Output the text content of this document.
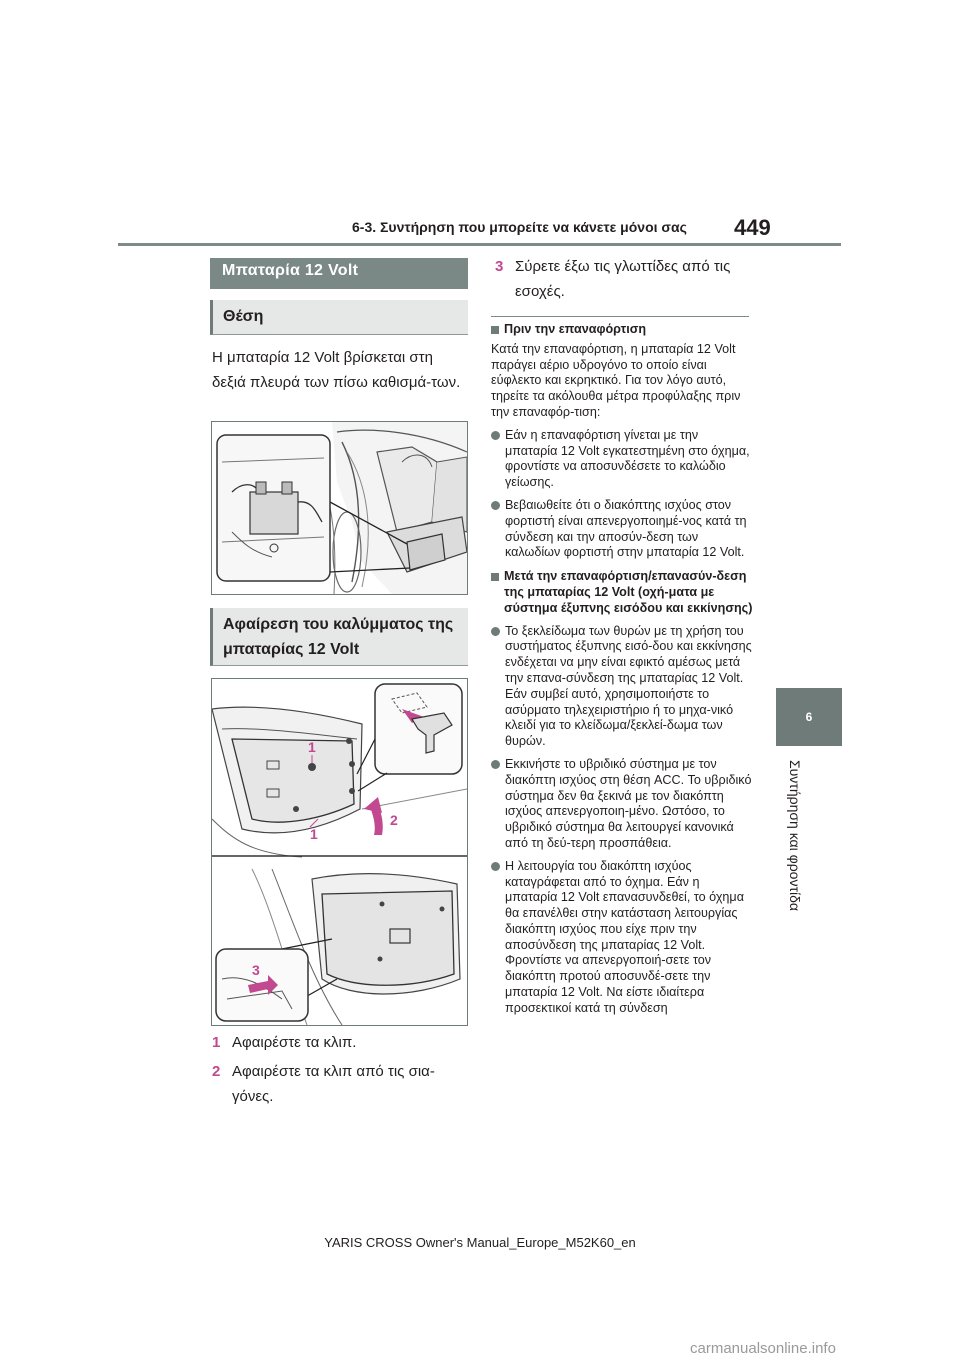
6-3. Συντήρηση που μπορείτε να κάνετε μόνοι σας 449
6
Συντήρηση και φροντίδα
Μπαταρία 12 Volt
Θέση
Η μπαταρία 12 Volt βρίσκεται στη δεξιά πλευρά των πίσω καθισμά-των.
Αφαίρεση του καλύμματος της μπαταρίας 12 Volt
2
1
1
3
1 Αφαιρέστε τα κλιπ.
2 Αφαιρέστε τα κλιπ από τις σια-γόνες.
3 Σύρετε έξω τις γλωττίδες από τις εσοχές.
Πριν την επαναφόρτιση
Κατά την επαναφόρτιση, η μπαταρία 12 Volt παράγει αέριο υδρογόνο το οποίο είναι εύφλεκτο και εκρηκτικό. Για τον λόγο αυτό, τηρείτε τα ακόλουθα μέτρα προφύλαξης πριν την επαναφόρ-τιση:
Εάν η επαναφόρτιση γίνεται με την μπαταρία 12 Volt εγκατεστημένη στο όχημα, φροντίστε να αποσυνδέσετε το καλώδιο γείωσης.
Βεβαιωθείτε ότι ο διακόπτης ισχύος στον φορτιστή είναι απενεργοποιημέ-νος κατά τη σύνδεση και την αποσύν-δεση των καλωδίων φορτιστή στην μπαταρία 12 Volt.
Μετά την επαναφόρτιση/επανασύν-δεση της μπαταρίας 12 Volt (οχή-ματα με σύστημα έξυπνης εισόδου και εκκίνησης)
Το ξεκλείδωμα των θυρών με τη χρήση του συστήματος έξυπνης εισό-δου και εκκίνησης ενδέχεται να μην είναι εφικτό αμέσως μετά την επανα-σύνδεση της μπαταρίας 12 Volt. Εάν συμβεί αυτό, χρησιμοποιήστε το ασύρματο τηλεχειριστήριο ή το μηχα-νικό κλειδί για το κλείδωμα/ξεκλεί-δωμα των θυρών.
Εκκινήστε το υβριδικό σύστημα με τον διακόπτη ισχύος στη θέση ACC. Το υβριδικό σύστημα δεν θα ξεκινά με τον διακόπτη ισχύος απενεργοποιη-μένο. Ωστόσο, το υβριδικό σύστημα θα λειτουργεί κανονικά από τη δεύ-τερη προσπάθεια.
Η λειτουργία του διακόπτη ισχύος καταγράφεται από το όχημα. Εάν η μπαταρία 12 Volt επανασυνδεθεί, το όχημα θα επανέλθει στην κατάσταση λειτουργίας διακόπτη ισχύος που είχε πριν την αποσύνδεση της μπαταρίας 12 Volt. Φροντίστε να απενεργοποιή-σετε τον διακόπτη προτού αποσυνδέ-σετε την μπαταρία 12 Volt. Να είστε ιδιαίτερα προσεκτικοί κατά τη σύνδεση
YARIS CROSS Owner's Manual_Europe_M52K60_en
carmanualsonline.info
